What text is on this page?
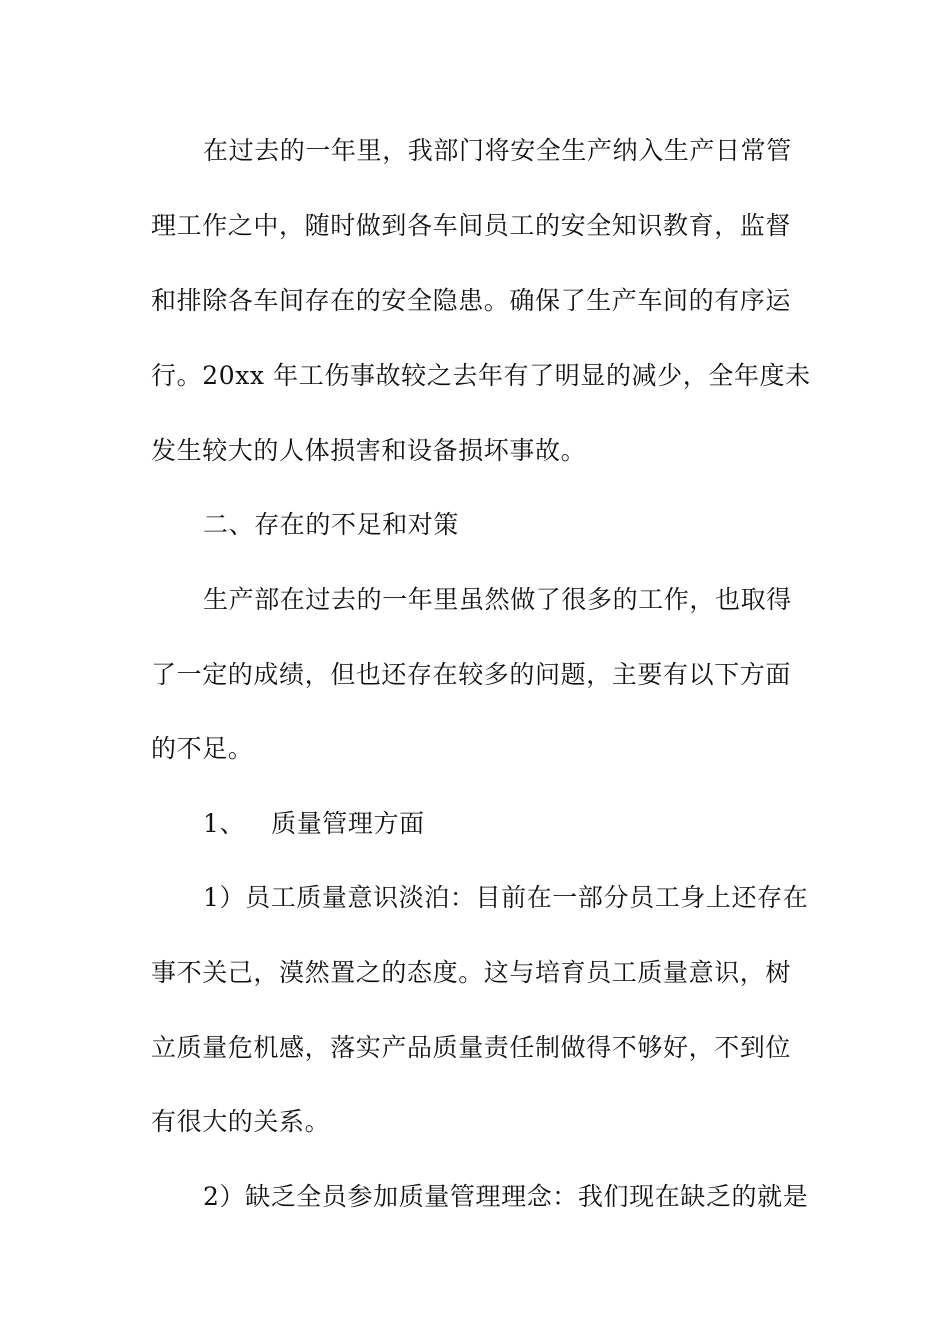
在过去的一年里，我部门将安全生产纳入生产日常管
理工作之中，随时做到各车间员工的安全知识教育，监督
和排除各车间存在的安全隐患。确保了生产车间的有序运
行。20xx 年工伤事故较之去年有了明显的减少，全年度未
发生较大的人体损害和设备损坏事故。
二、存在的不足和对策
生产部在过去的一年里虽然做了很多的工作，也取得
了一定的成绩，但也还存在较多的问题，主要有以下方面
的不足。
1、 质量管理方面
1）员工质量意识淡泊：目前在一部分员工身上还存在
事不关己，漠然置之的态度。这与培育员工质量意识，树
立质量危机感，落实产品质量责任制做得不够好，不到位
有很大的关系。
2）缺乏全员参加质量管理理念：我们现在缺乏的就是
